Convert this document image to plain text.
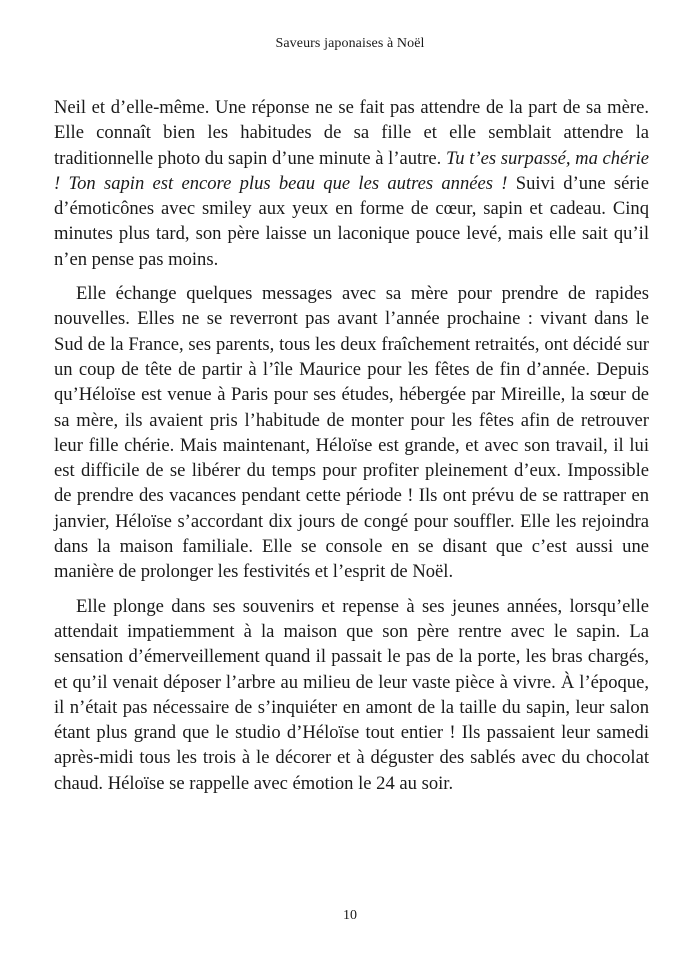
Saveurs japonaises à Noël

Neil et d’elle-même. Une réponse ne se fait pas attendre de la part de sa mère. Elle connaît bien les habitudes de sa fille et elle semblait attendre la traditionnelle photo du sapin d’une minute à l’autre. Tu t’es surpassé, ma chérie ! Ton sapin est encore plus beau que les autres années ! Suivi d’une série d’émoticônes avec smiley aux yeux en forme de cœur, sapin et cadeau. Cinq minutes plus tard, son père laisse un laconique pouce levé, mais elle sait qu’il n’en pense pas moins.

Elle échange quelques messages avec sa mère pour prendre de rapides nouvelles. Elles ne se reverront pas avant l’année prochaine : vivant dans le Sud de la France, ses parents, tous les deux fraîchement retraités, ont décidé sur un coup de tête de partir à l’île Maurice pour les fêtes de fin d’année. Depuis qu’Héloïse est venue à Paris pour ses études, hébergée par Mireille, la sœur de sa mère, ils avaient pris l’habitude de monter pour les fêtes afin de retrouver leur fille chérie. Mais maintenant, Héloïse est grande, et avec son travail, il lui est difficile de se libérer du temps pour profiter pleinement d’eux. Impossible de prendre des vacances pendant cette période ! Ils ont prévu de se rattraper en janvier, Héloïse s’accordant dix jours de congé pour souffler. Elle les rejoindra dans la maison familiale. Elle se console en se disant que c’est aussi une manière de prolonger les festivités et l’esprit de Noël.

Elle plonge dans ses souvenirs et repense à ses jeunes années, lorsqu’elle attendait impatiemment à la maison que son père rentre avec le sapin. La sensation d’émerveillement quand il passait le pas de la porte, les bras chargés, et qu’il venait déposer l’arbre au milieu de leur vaste pièce à vivre. À l’époque, il n’était pas nécessaire de s’inquiéter en amont de la taille du sapin, leur salon étant plus grand que le studio d’Héloïse tout entier ! Ils passaient leur samedi après-midi tous les trois à le décorer et à déguster des sablés avec du chocolat chaud. Héloïse se rappelle avec émotion le 24 au soir.

10
